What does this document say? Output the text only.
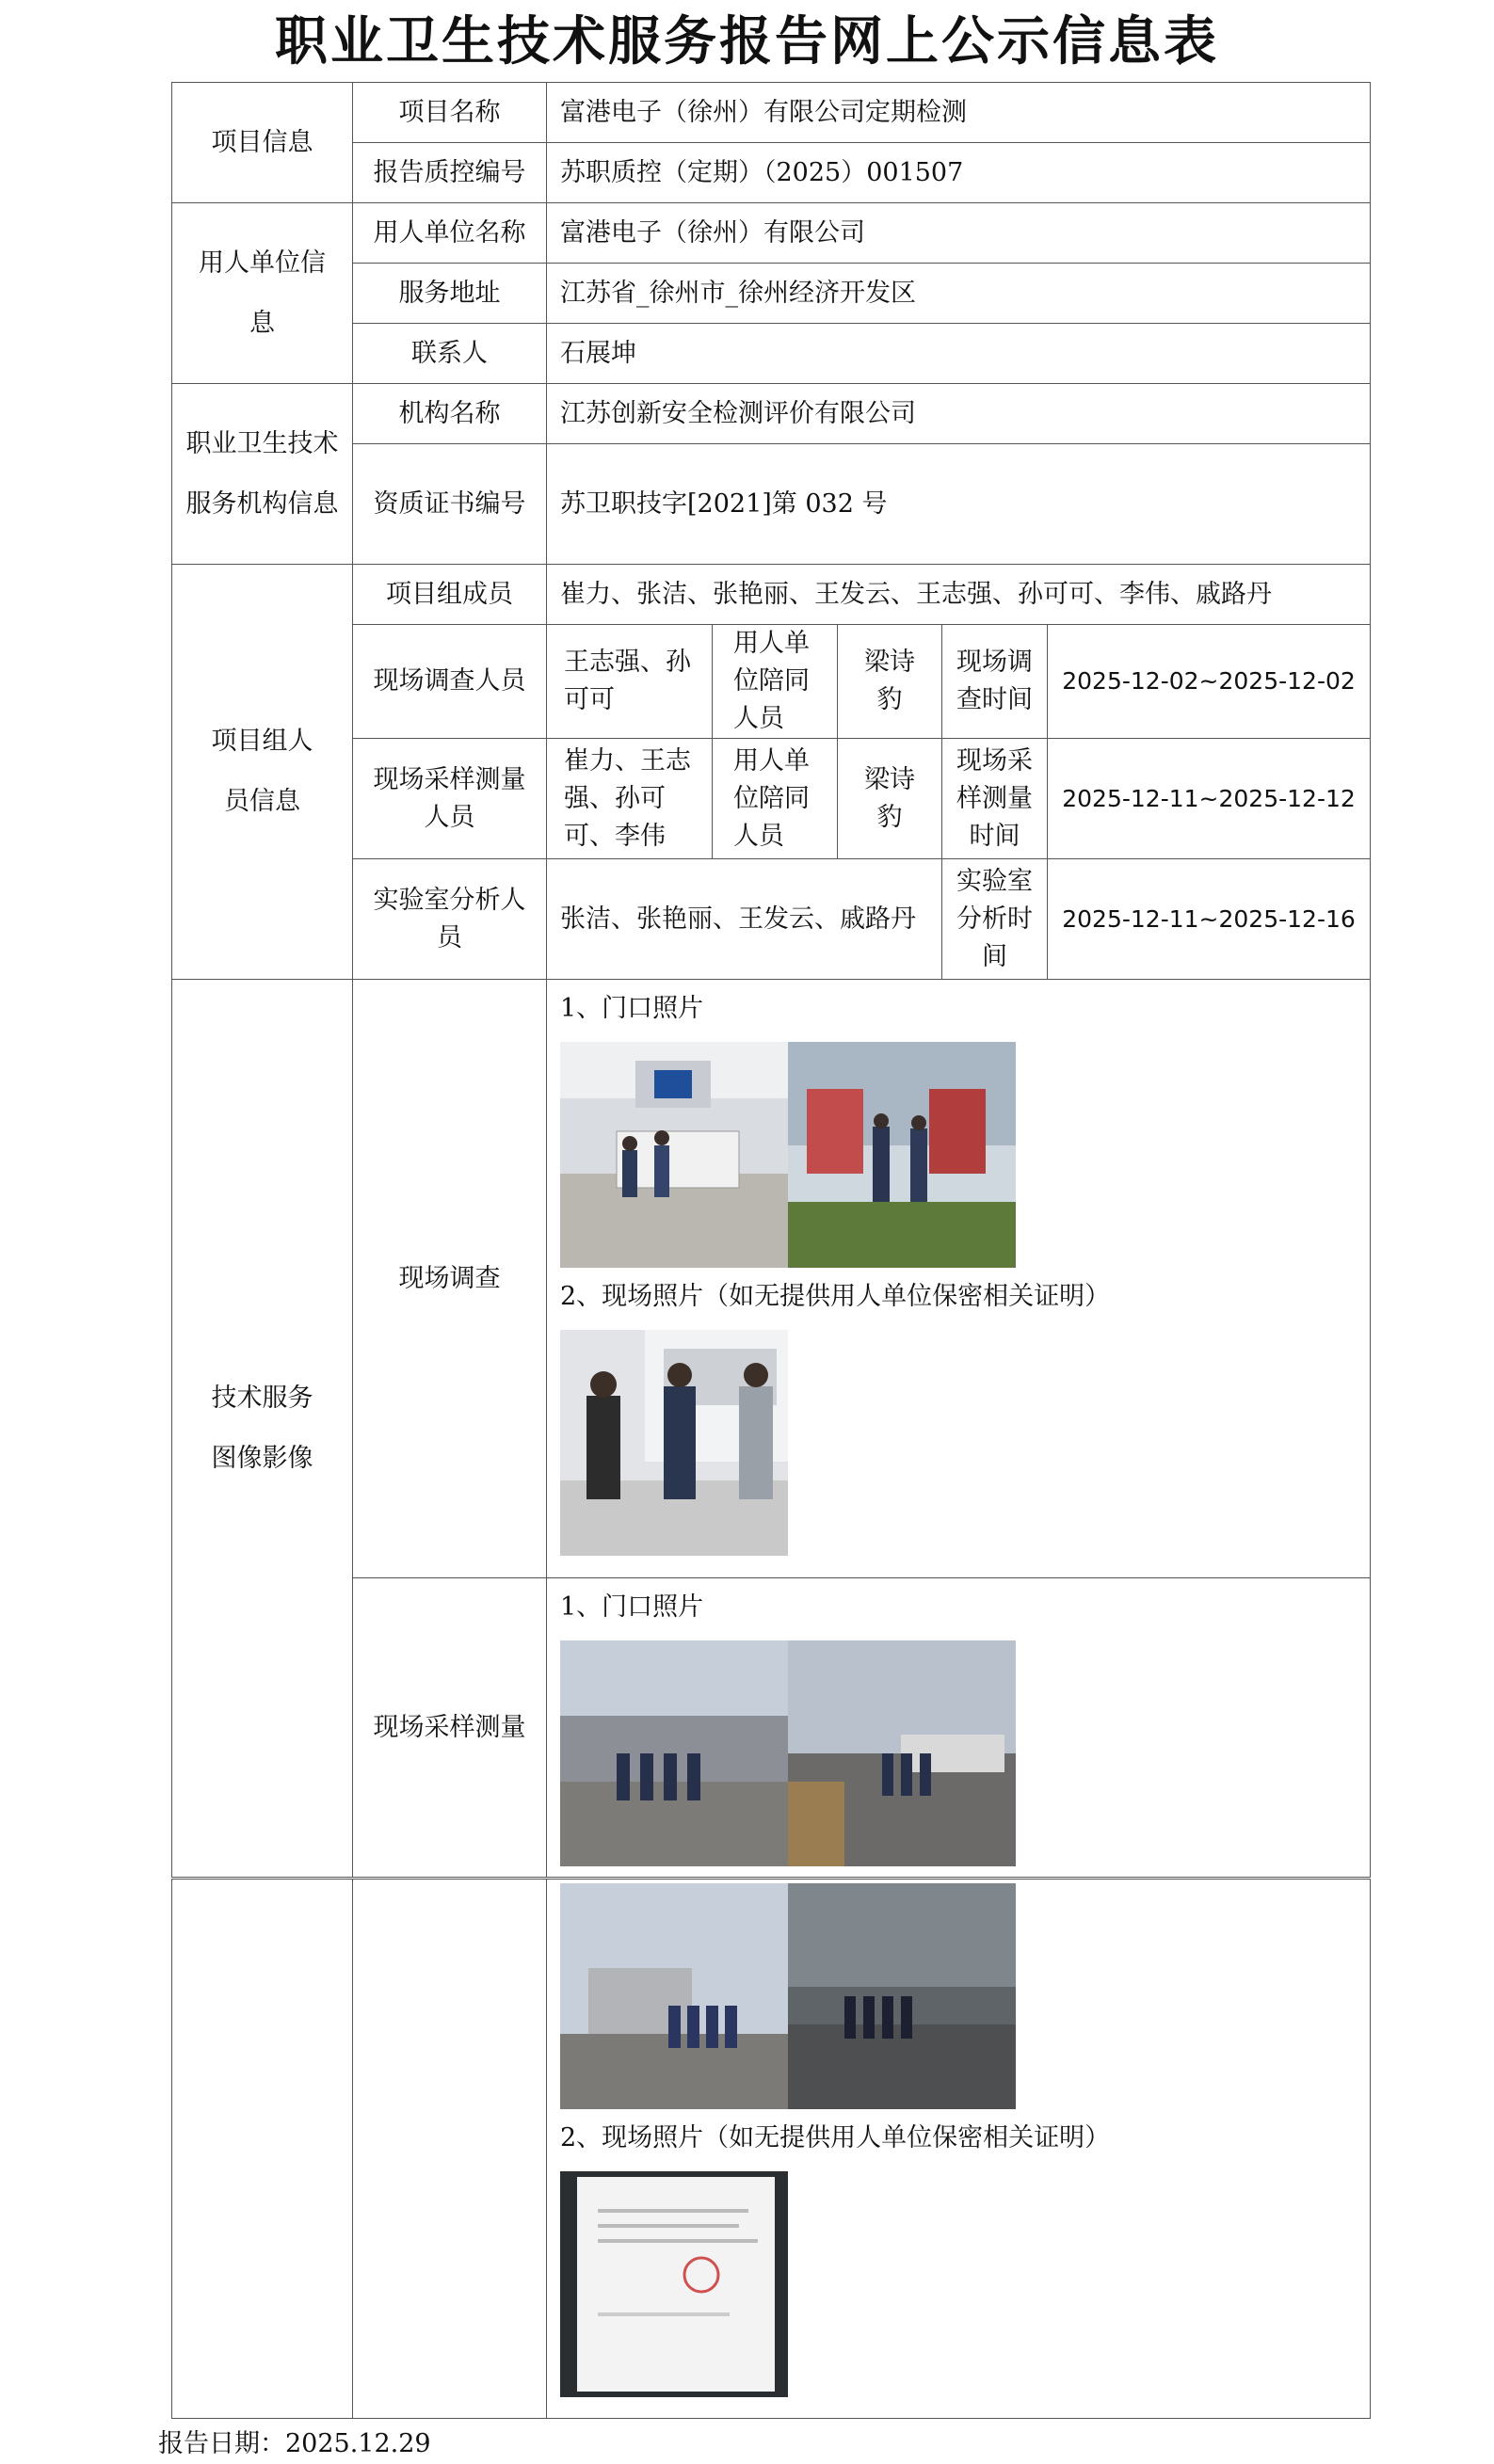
职业卫生技术服务报告网上公示信息表
项目信息	项目名称	富港电子（徐州）有限公司定期检测				
	报告质控编号	苏职质控（定期）（2025）001507				

用人单位信息	用人单位名称	富港电子（徐州）有限公司				
	服务地址	江苏省_徐州市_徐州经济开发区				
	联系人	石展坤				

职业卫生技术服务机构信息	机构名称	江苏创新安全检测评价有限公司				
	资质证书编号	苏卫职技字[2021]第 032 号				

项目组人员信息	项目组成员	崔力、张洁、张艳丽、王发云、王志强、孙可可、李伟、戚路丹				
	现场调查人员	王志强、孙可可	用人单位陪同人员	梁诗豹	现场调查时间	2025-12-02~2025-12-02

	现场采样测量人员	崔力、王志强、孙可可、李伟	用人单位陪同人员	梁诗豹	现场采样测量时间	2025-12-11~2025-12-12

	实验室分析人员	张洁、张艳丽、王发云、戚路丹			实验室分析时间	2025-12-11~2025-12-16

技术服务图像影像	现场调查	1、门口照片
2、现场照片（如无提供用人单位保密相关证明）				

	现场采样测量	1、门口照片				

2、现场照片（如无提供用人单位保密相关证明）
报告日期：2025.12.29
